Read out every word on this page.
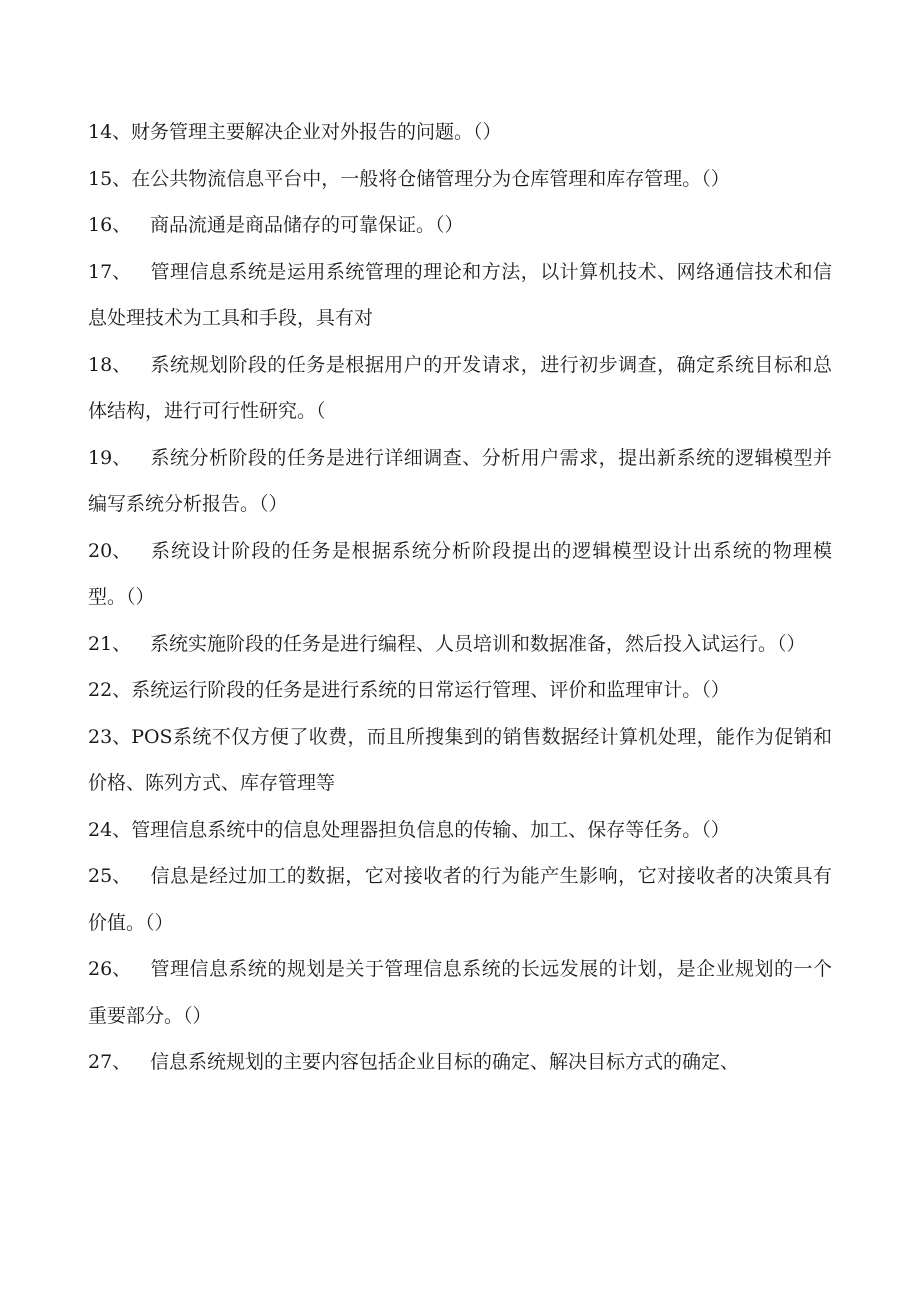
14、财务管理主要解决企业对外报告的问题。（）

15、在公共物流信息平台中，一般将仓储管理分为仓库管理和库存管理。（）

16、 商品流通是商品储存的可靠保证。（）

17、 管理信息系统是运用系统管理的理论和方法，以计算机技术、网络通信技术和信息处理技术为工具和手段，具有对

18、 系统规划阶段的任务是根据用户的开发请求，进行初步调查，确定系统目标和总体结构，进行可行性研究。（

19、 系统分析阶段的任务是进行详细调查、分析用户需求，提出新系统的逻辑模型并编写系统分析报告。（）

20、 系统设计阶段的任务是根据系统分析阶段提出的逻辑模型设计出系统的物理模型。（）

21、 系统实施阶段的任务是进行编程、人员培训和数据准备，然后投入试运行。（）

22、系统运行阶段的任务是进行系统的日常运行管理、评价和监理审计。（）

23、POS系统不仅方便了收费，而且所搜集到的销售数据经计算机处理，能作为促销和价格、陈列方式、库存管理等

24、管理信息系统中的信息处理器担负信息的传输、加工、保存等任务。（）

25、 信息是经过加工的数据，它对接收者的行为能产生影响，它对接收者的决策具有价值。（）

26、 管理信息系统的规划是关于管理信息系统的长远发展的计划，是企业规划的一个重要部分。（）

27、 信息系统规划的主要内容包括企业目标的确定、解决目标方式的确定、
